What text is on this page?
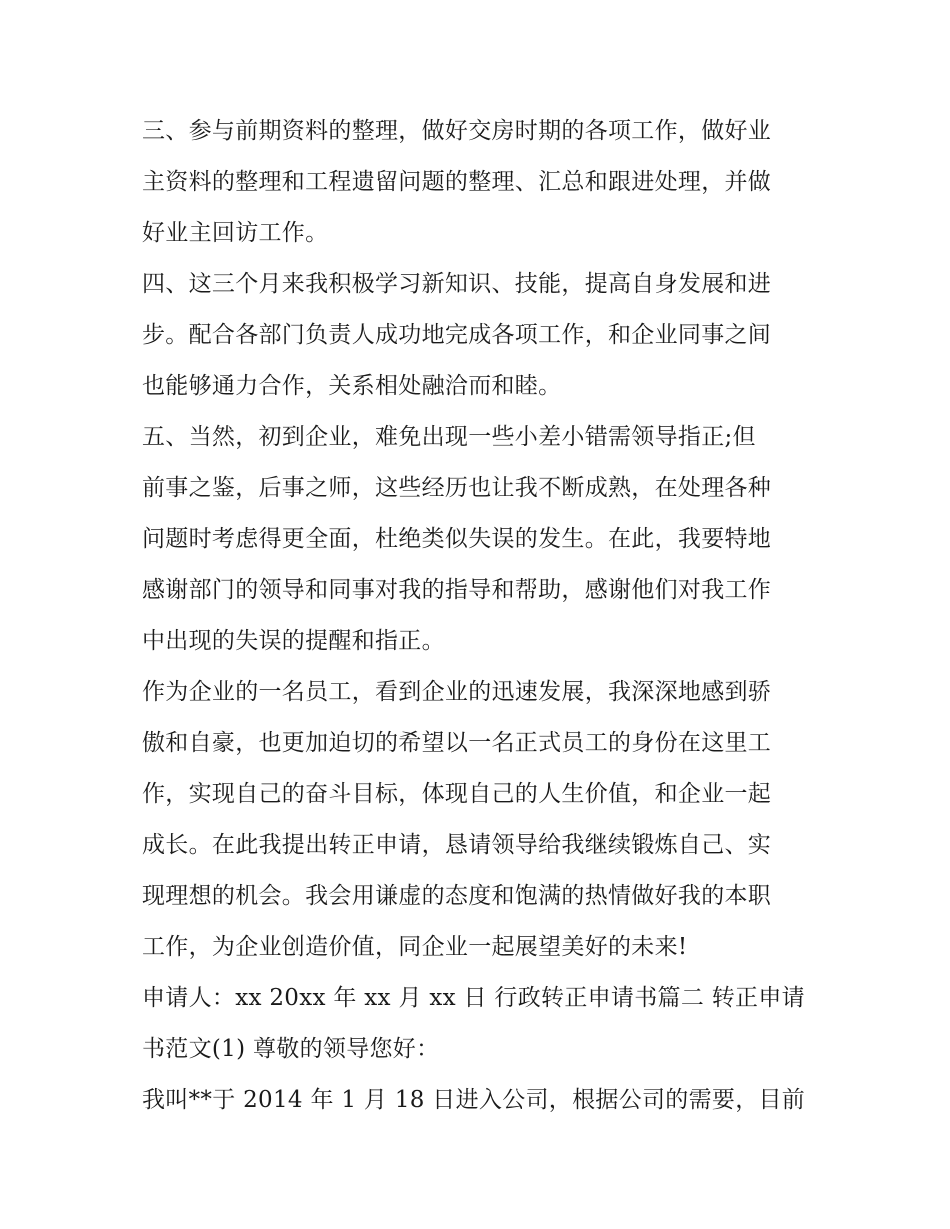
三、参与前期资料的整理，做好交房时期的各项工作，做好业
主资料的整理和工程遗留问题的整理、汇总和跟进处理，并做
好业主回访工作。
四、这三个月来我积极学习新知识、技能，提高自身发展和进
步。配合各部门负责人成功地完成各项工作，和企业同事之间
也能够通力合作，关系相处融洽而和睦。
五、当然，初到企业，难免出现一些小差小错需领导指正;但
前事之鉴，后事之师，这些经历也让我不断成熟，在处理各种
问题时考虑得更全面，杜绝类似失误的发生。在此，我要特地
感谢部门的领导和同事对我的指导和帮助，感谢他们对我工作
中出现的失误的提醒和指正。
作为企业的一名员工，看到企业的迅速发展，我深深地感到骄
傲和自豪，也更加迫切的希望以一名正式员工的身份在这里工
作，实现自己的奋斗目标，体现自己的人生价值，和企业一起
成长。在此我提出转正申请，恳请领导给我继续锻炼自己、实
现理想的机会。我会用谦虚的态度和饱满的热情做好我的本职
工作，为企业创造价值，同企业一起展望美好的未来!
申请人：xx 20xx 年 xx 月 xx 日 行政转正申请书篇二 转正申请
书范文(1) 尊敬的领导您好：
我叫**于 2014 年 1 月 18 日进入公司，根据公司的需要，目前
